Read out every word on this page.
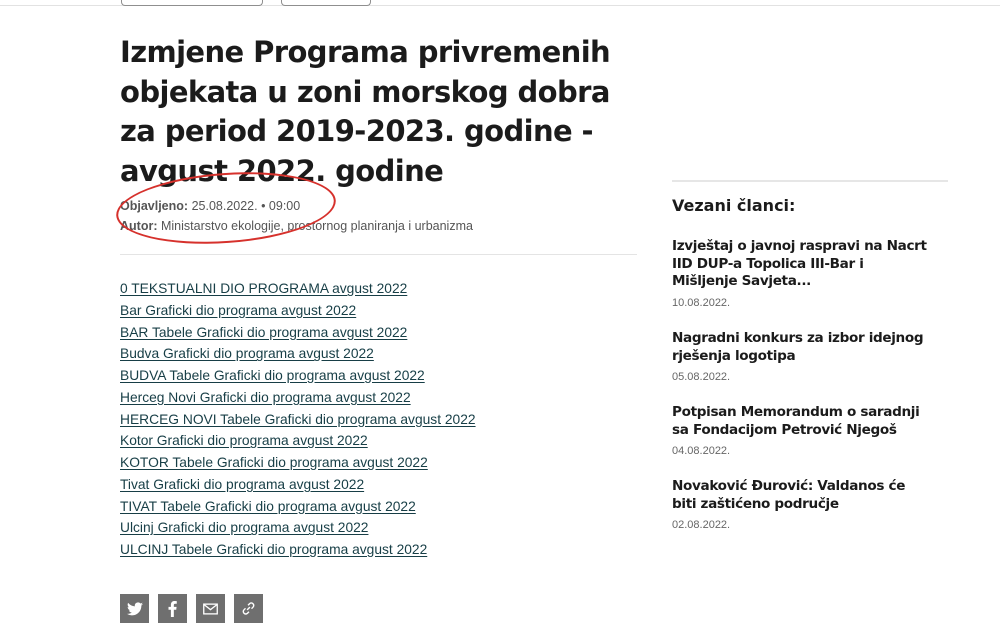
Izmjene Programa privremenih objekata u zoni morskog dobra za period 2019-2023. godine - avgust 2022. godine
Objavljeno: 25.08.2022. • 09:00
Autor: Ministarstvo ekologije, prostornog planiranja i urbanizma
0 TEKSTUALNI DIO PROGRAMA avgust 2022
Bar Graficki dio programa avgust 2022
BAR Tabele Graficki dio programa avgust 2022
Budva Graficki dio programa avgust 2022
BUDVA Tabele Graficki dio programa avgust 2022
Herceg Novi Graficki dio programa avgust 2022
HERCEG NOVI Tabele Graficki dio programa avgust 2022
Kotor Graficki dio programa avgust 2022
KOTOR Tabele Graficki dio programa avgust 2022
Tivat Graficki dio programa avgust 2022
TIVAT Tabele Graficki dio programa avgust 2022
Ulcinj Graficki dio programa avgust 2022
ULCINJ Tabele Graficki dio programa avgust 2022
Vezani članci:
Izvještaj o javnoj raspravi na Nacrt IID DUP-a Topolica III-Bar i Mišljenje Savjeta...
10.08.2022.
Nagradni konkurs za izbor idejnog rješenja logotipa
05.08.2022.
Potpisan Memorandum o saradnji sa Fondacijom Petrović Njegoš
04.08.2022.
Novaković Đurović: Valdanos će biti zaštićeno područje
02.08.2022.
